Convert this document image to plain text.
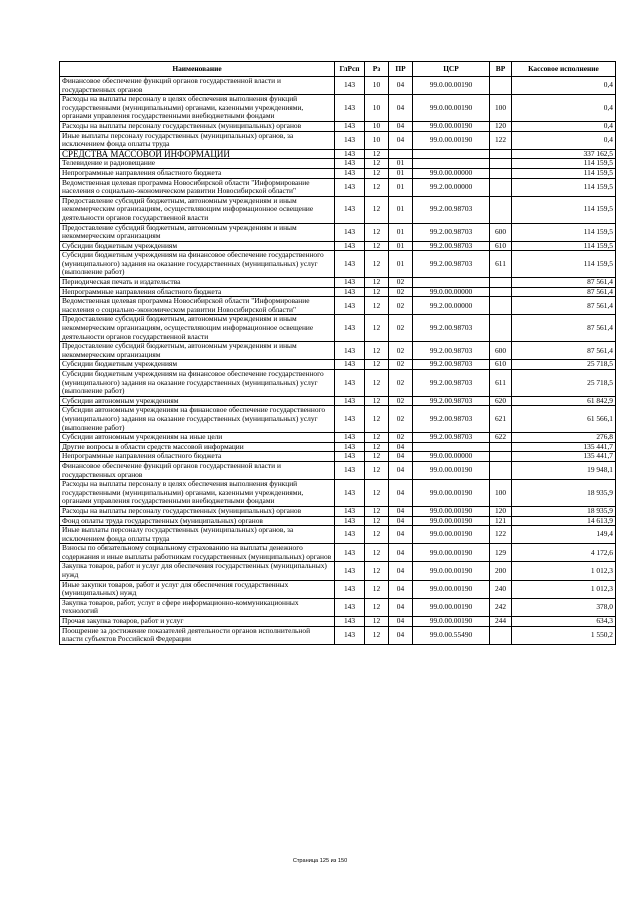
Наименование	ГлРсп	Рз	ПР	ЦСР	ВР	Кассовое исполнение
Финансовое обеспечение функций органов государственной власти и государственных органов	143	10	04	99.0.00.00190		0,4
Расходы на выплаты персоналу в целях обеспечения выполнения функций государственными (муниципальными) органами, казенными учреждениями, органами управления государственными внебюджетными фондами	143	10	04	99.0.00.00190	100	0,4
Расходы на выплаты персоналу государственных (муниципальных) органов	143	10	04	99.0.00.00190	120	0,4
Иные выплаты персоналу государственных (муниципальных) органов, за исключением фонда оплаты труда	143	10	04	99.0.00.00190	122	0,4
СРЕДСТВА МАССОВОЙ ИНФОРМАЦИИ	143	12				337 162,5
Телевидение и радиовещание	143	12	01			114 159,5
Непрограммные направления областного бюджета	143	12	01	99.0.00.00000		114 159,5
Ведомственная целевая программа Новосибирской области "Информирование населения о социально-экономическом развитии Новосибирской области"	143	12	01	99.2.00.00000		114 159,5
Предоставление субсидий бюджетным, автономным учреждениям и иным некоммерческим организациям, осуществляющим информационное освещение деятельности органов государственной власти	143	12	01	99.2.00.98703		114 159,5
Предоставление субсидий бюджетным, автономным учреждениям и иным некоммерческим организациям	143	12	01	99.2.00.98703	600	114 159,5
Субсидии бюджетным учреждениям	143	12	01	99.2.00.98703	610	114 159,5
Субсидии бюджетным учреждениям на финансовое обеспечение государственного (муниципального) задания на оказание государственных (муниципальных) услуг (выполнение работ)	143	12	01	99.2.00.98703	611	114 159,5
Периодическая печать и издательства	143	12	02			87 561,4
Непрограммные направления областного бюджета	143	12	02	99.0.00.00000		87 561,4
Ведомственная целевая программа Новосибирской области "Информирование населения о социально-экономическом развитии Новосибирской области"	143	12	02	99.2.00.00000		87 561,4
Предоставление субсидий бюджетным, автономным учреждениям и иным некоммерческим организациям, осуществляющим информационное освещение деятельности органов государственной власти	143	12	02	99.2.00.98703		87 561,4
Предоставление субсидий бюджетным, автономным учреждениям и иным некоммерческим организациям	143	12	02	99.2.00.98703	600	87 561,4
Субсидии бюджетным учреждениям	143	12	02	99.2.00.98703	610	25 718,5
Субсидии бюджетным учреждениям на финансовое обеспечение государственного (муниципального) задания на оказание государственных (муниципальных) услуг (выполнение работ)	143	12	02	99.2.00.98703	611	25 718,5
Субсидии автономным учреждениям	143	12	02	99.2.00.98703	620	61 842,9
Субсидии автономным учреждениям на финансовое обеспечение государственного (муниципального) задания на оказание государственных (муниципальных) услуг (выполнение работ)	143	12	02	99.2.00.98703	621	61 566,1
Субсидии автономным учреждениям на иные цели	143	12	02	99.2.00.98703	622	276,8
Другие вопросы в области средств массовой информации	143	12	04			135 441,7
Непрограммные направления областного бюджета	143	12	04	99.0.00.00000		135 441,7
Финансовое обеспечение функций органов государственной власти и государственных органов	143	12	04	99.0.00.00190		19 948,1
Расходы на выплаты персоналу в целях обеспечения выполнения функций государственными (муниципальными) органами, казенными учреждениями, органами управления государственными внебюджетными фондами	143	12	04	99.0.00.00190	100	18 935,9
Расходы на выплаты персоналу государственных (муниципальных) органов	143	12	04	99.0.00.00190	120	18 935,9
Фонд оплаты труда государственных (муниципальных) органов	143	12	04	99.0.00.00190	121	14 613,9
Иные выплаты персоналу государственных (муниципальных) органов, за исключением фонда оплаты труда	143	12	04	99.0.00.00190	122	149,4
Взносы по обязательному социальному страхованию на выплаты денежного содержания и иные выплаты работникам государственных (муниципальных) органов	143	12	04	99.0.00.00190	129	4 172,6
Закупка товаров, работ и услуг для обеспечения государственных (муниципальных) нужд	143	12	04	99.0.00.00190	200	1 012,3
Иные закупки товаров, работ и услуг для обеспечения государственных (муниципальных) нужд	143	12	04	99.0.00.00190	240	1 012,3
Закупка товаров, работ, услуг в сфере информационно-коммуникационных технологий	143	12	04	99.0.00.00190	242	378,0
Прочая закупка товаров, работ и услуг	143	12	04	99.0.00.00190	244	634,3
Поощрение за достижение показателей деятельности органов исполнительной власти субъектов Российской Федерации	143	12	04	99.0.00.55490		1 550,2
Страница 125 из 150
